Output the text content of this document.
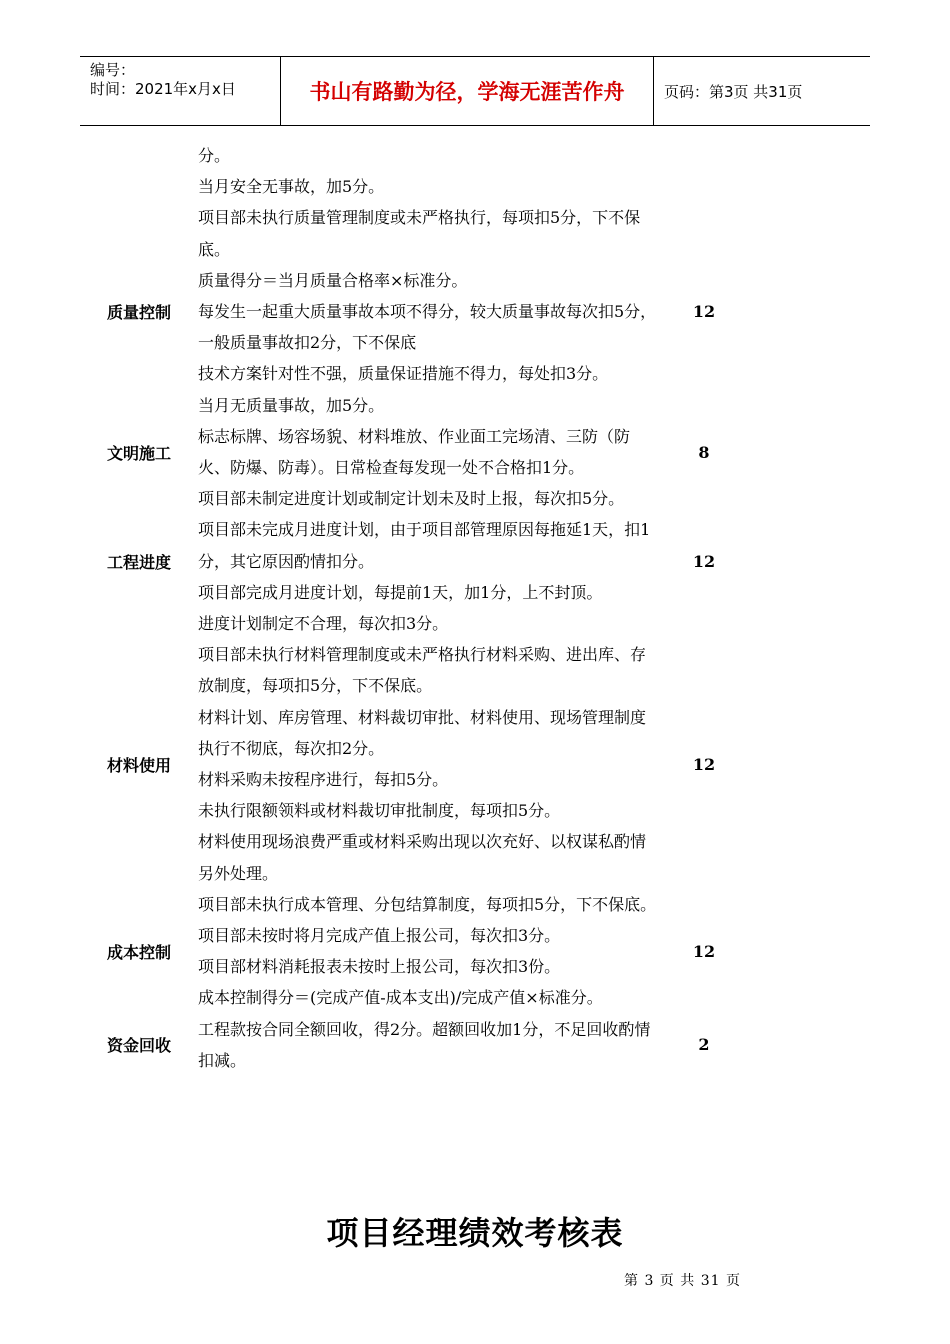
编号：
时间：2021年x月x日	书山有路勤为径，学海无涯苦作舟	页码：第3页 共31页

分。

当月安全无事故，加5分。

质量控制

项目部未执行质量管理制度或未严格执行，每项扣5分，下不保底。

质量得分＝当月质量合格率×标准分。

每发生一起重大质量事故本项不得分，较大质量事故每次扣5分，一般质量事故扣2分，下不保底

技术方案针对性不强，质量保证措施不得力，每处扣3分。

当月无质量事故，加5分。

12
文明施工

标志标牌、场容场貌、材料堆放、作业面工完场清、三防（防火、防爆、防毒）。日常检查每发现一处不合格扣1分。

8
工程进度

项目部未制定进度计划或制定计划未及时上报，每次扣5分。

项目部未完成月进度计划，由于项目部管理原因每拖延1天，扣1分，其它原因酌情扣分。

项目部完成月进度计划，每提前1天，加1分，上不封顶。

进度计划制定不合理，每次扣3分。

12
材料使用

项目部未执行材料管理制度或未严格执行材料采购、进出库、存放制度，每项扣5分，下不保底。

材料计划、库房管理、材料裁切审批、材料使用、现场管理制度执行不彻底，每次扣2分。

材料采购未按程序进行，每扣5分。

未执行限额领料或材料裁切审批制度，每项扣5分。

材料使用现场浪费严重或材料采购出现以次充好、以权谋私酌情另外处理。

12
成本控制

项目部未执行成本管理、分包结算制度，每项扣5分，下不保底。

项目部未按时将月完成产值上报公司，每次扣3分。

项目部材料消耗报表未按时上报公司，每次扣3份。

成本控制得分＝(完成产值-成本支出)/完成产值×标准分。

12
资金回收

工程款按合同全额回收，得2分。超额回收加1分，不足回收酌情扣减。

2
项目经理绩效考核表
第 3 页 共 31 页
